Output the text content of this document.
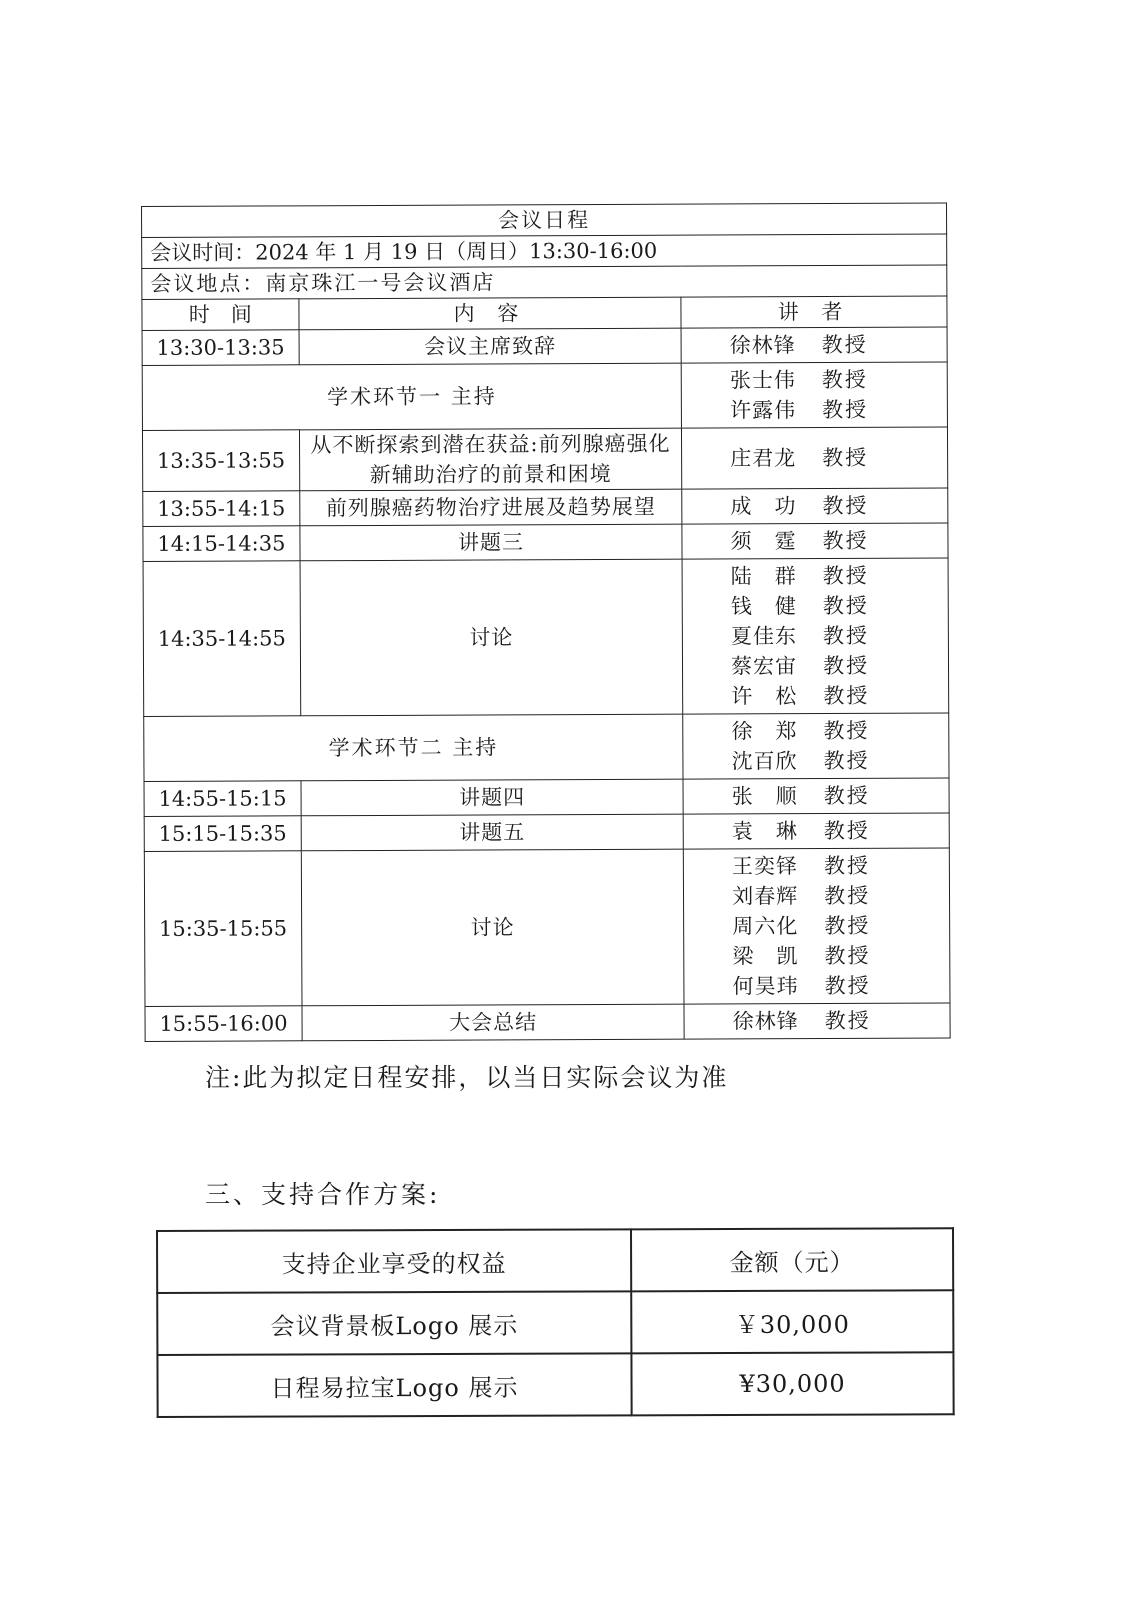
会议日程		
会议时间：2024 年 1 月 19 日（周日）13:30-16:00		
会议地点：南京珠江一号会议酒店		
时　间	内 容	讲 者
13:30-13:35	会议主席致辞	徐林锋 教授

学术环节一 主持		张士伟 教授
许露伟 教授

13:35-13:55	从不断探索到潜在获益:前列腺癌强化新辅助治疗的前景和困境	庄君龙 教授

13:55-14:15	前列腺癌药物治疗进展及趋势展望	成　功 教授

14:15-14:35	讲题三	须　霆 教授

14:35-14:55	讨论	陆　群 教授
钱　健 教授
夏佳东 教授
蔡宏宙 教授
许　松 教授

学术环节二 主持		徐　郑 教授
沈百欣 教授

14:55-15:15	讲题四	张　顺 教授

15:15-15:35	讲题五	袁　琳 教授

15:35-15:55	讨论	王奕铎 教授
刘春辉 教授
周六化 教授
梁　凯 教授
何昊玮 教授

15:55-16:00	大会总结	徐林锋 教授
注:此为拟定日程安排，以当日实际会议为准
三、支持合作方案:
支持企业享受的权益	金额（元）
会议背景板Logo 展示	￥30,000
日程易拉宝Logo 展示	¥30,000
